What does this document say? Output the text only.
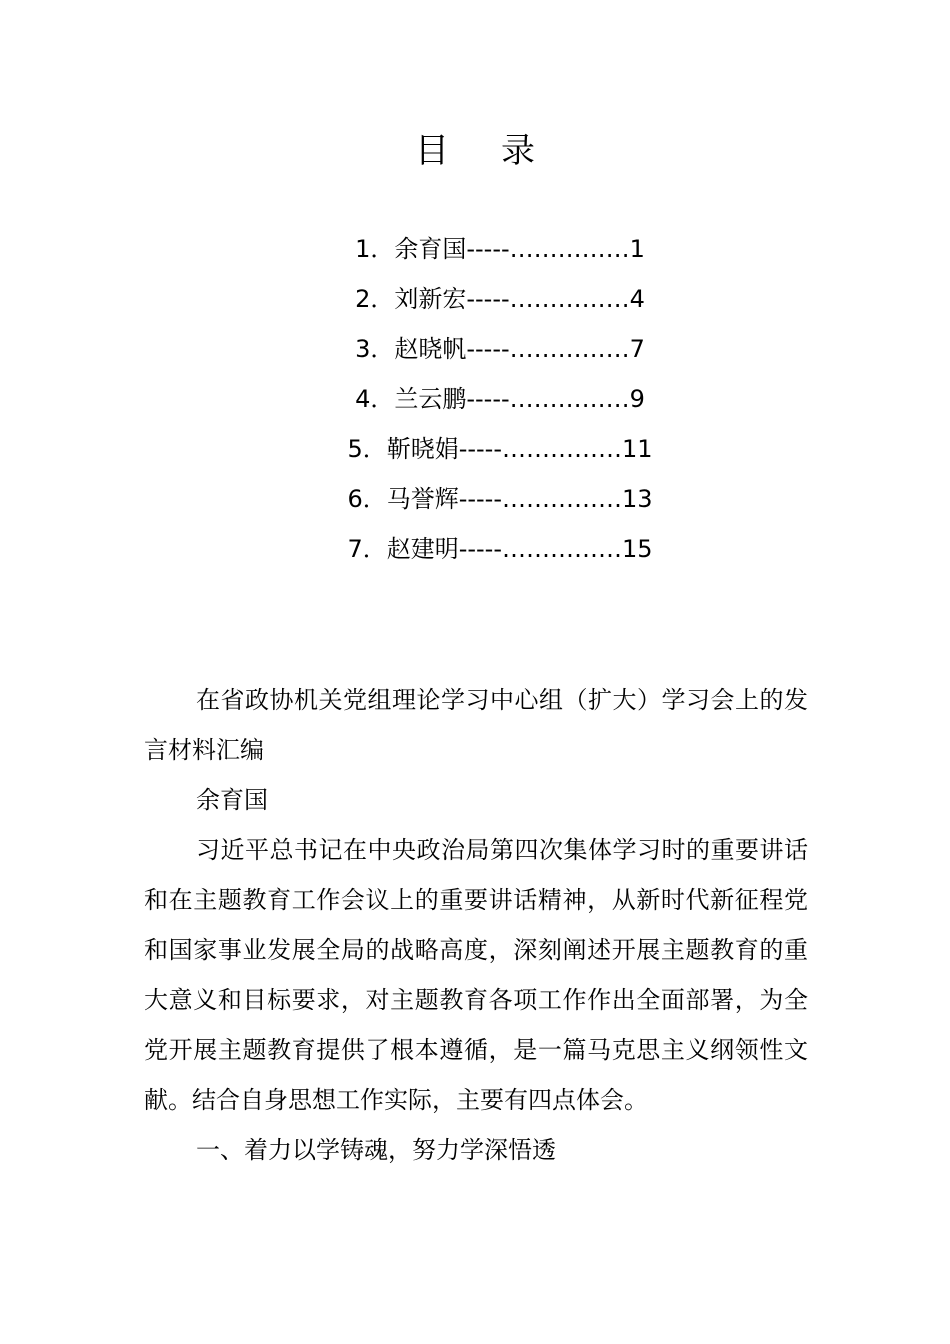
目 录
1．余育国-----……………1
2．刘新宏-----……………4
3．赵晓帆-----……………7
4．兰云鹏-----……………9
5．靳晓娟-----……………11
6．马誉辉-----……………13
7．赵建明-----……………15

在省政协机关党组理论学习中心组（扩大）学习会上的发言材料汇编

余育国

习近平总书记在中央政治局第四次集体学习时的重要讲话和在主题教育工作会议上的重要讲话精神，从新时代新征程党和国家事业发展全局的战略高度，深刻阐述开展主题教育的重大意义和目标要求，对主题教育各项工作作出全面部署，为全党开展主题教育提供了根本遵循，是一篇马克思主义纲领性文献。结合自身思想工作实际，主要有四点体会。

一、着力以学铸魂，努力学深悟透
